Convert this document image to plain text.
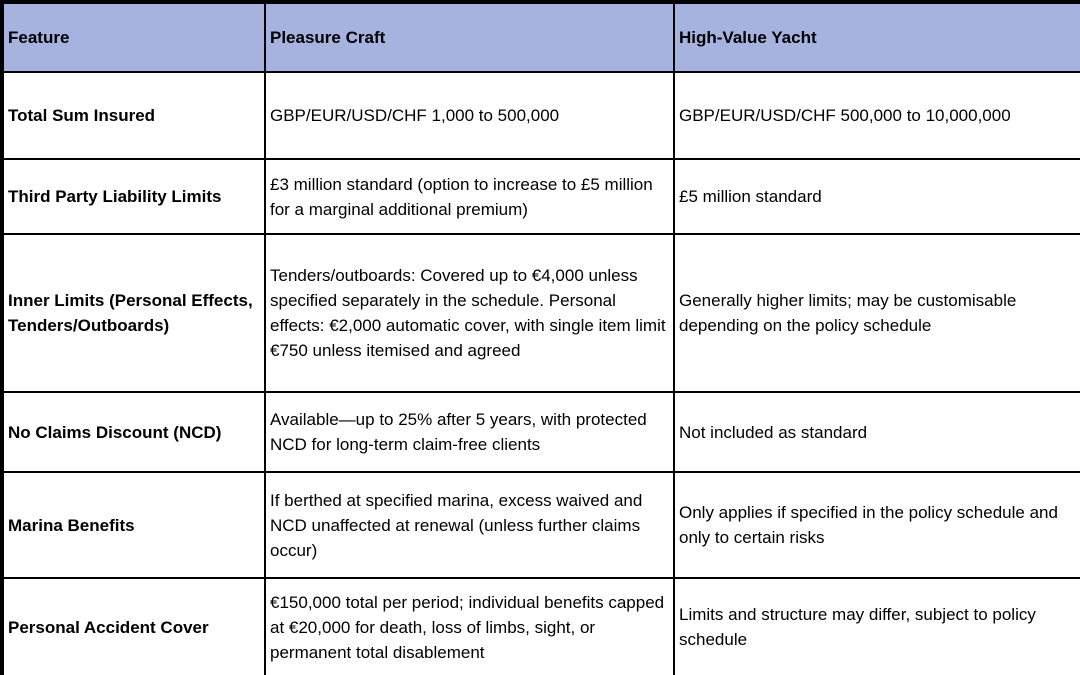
Feature	Pleasure Craft	High-Value Yacht
Total Sum Insured	GBP/EUR/USD/CHF 1,000 to 500,000	GBP/EUR/USD/CHF 500,000 to 10,000,000
Third Party Liability Limits	£3 million standard (option to increase to £5 million for a marginal additional premium)	£5 million standard
Inner Limits (Personal Effects, Tenders/Outboards)	Tenders/outboards: Covered up to €4,000 unless specified separately in the schedule. Personal effects: €2,000 automatic cover, with single item limit €750 unless itemised and agreed	Generally higher limits; may be customisable depending on the policy schedule
No Claims Discount (NCD)	Available—up to 25% after 5 years, with protected NCD for long-term claim-free clients	Not included as standard
Marina Benefits	If berthed at specified marina, excess waived and NCD unaffected at renewal (unless further claims occur)	Only applies if specified in the policy schedule and only to certain risks
Personal Accident Cover	€150,000 total per period; individual benefits capped at €20,000 for death, loss of limbs, sight, or permanent total disablement	Limits and structure may differ, subject to policy schedule
